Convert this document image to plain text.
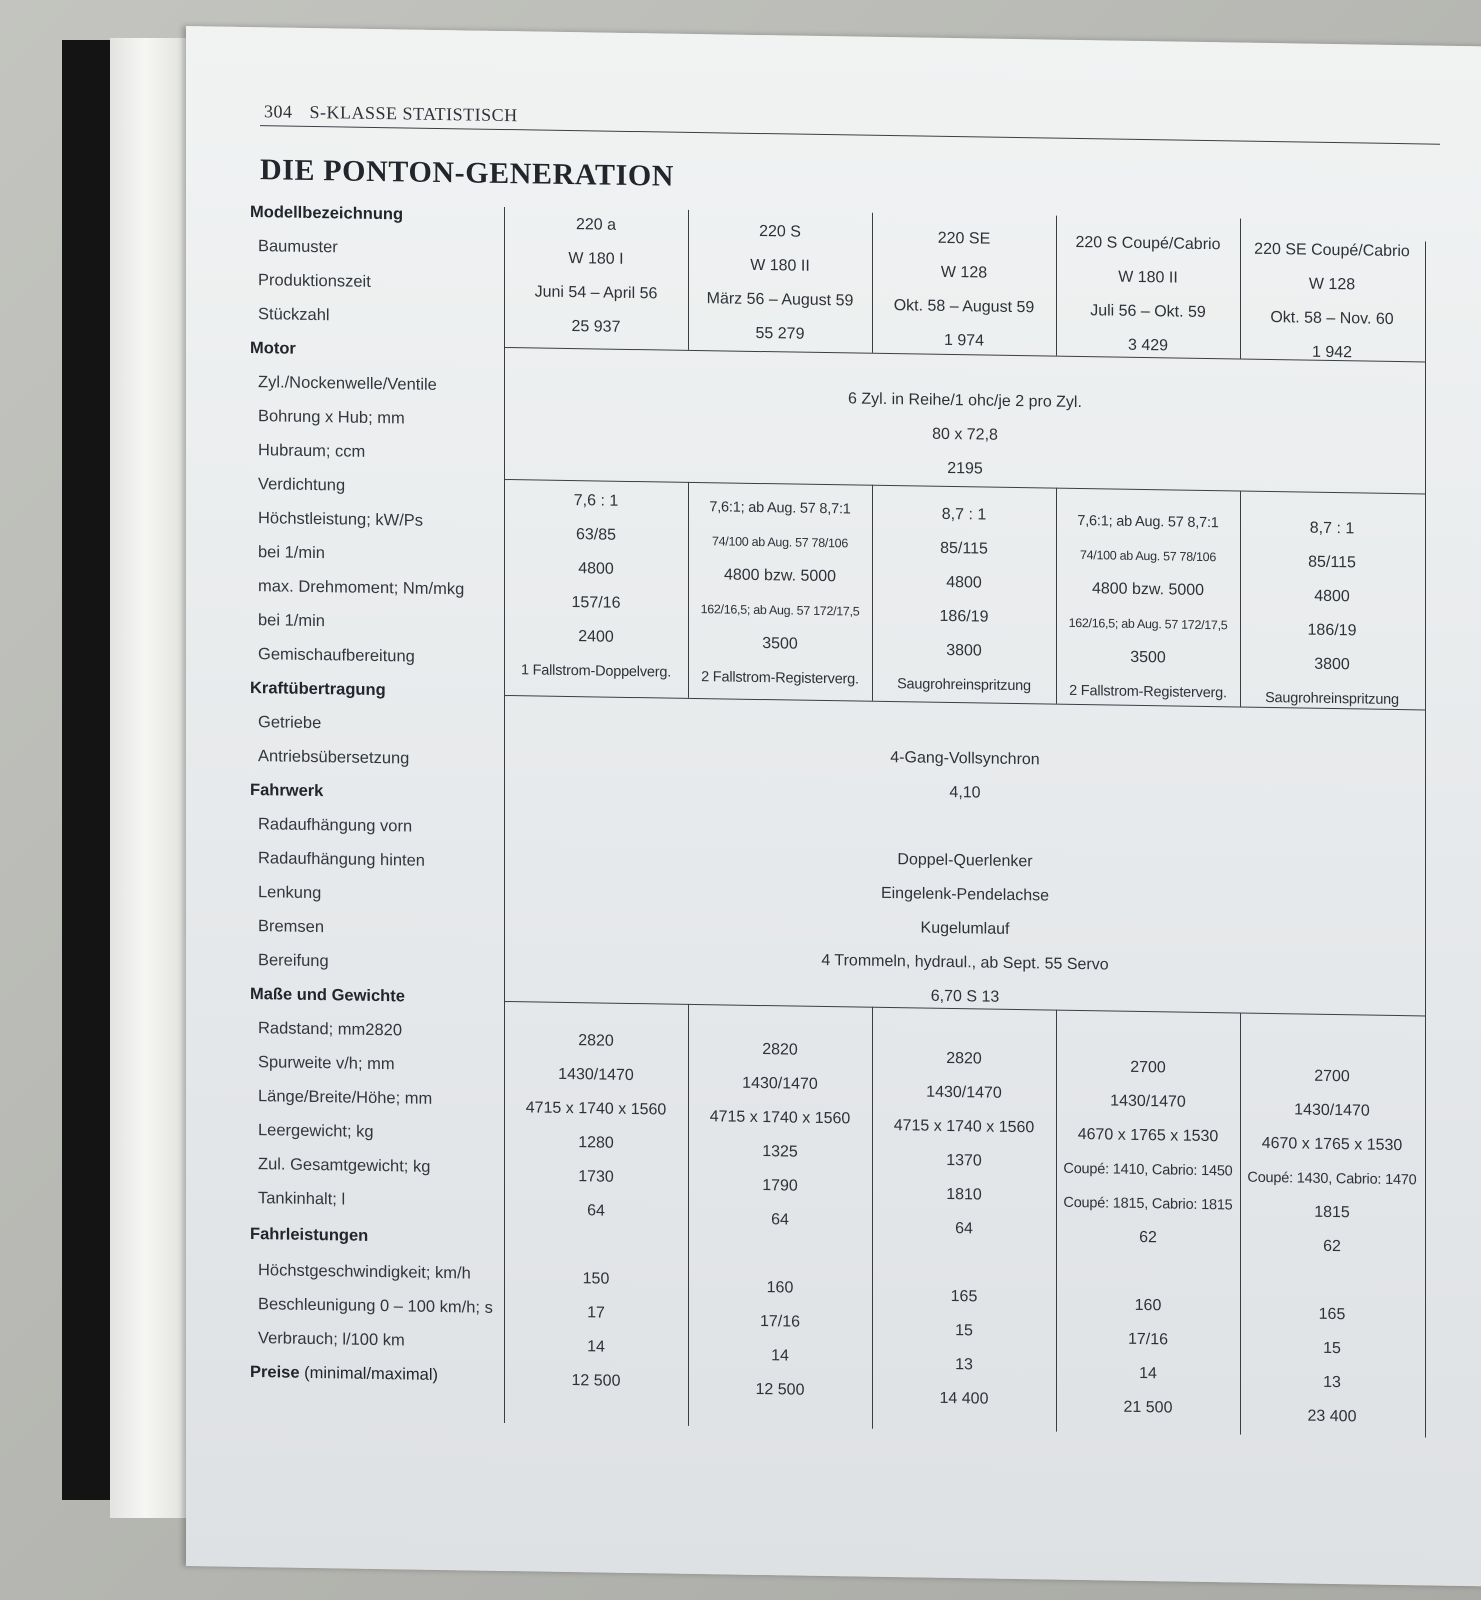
304 S-KLASSE STATISTISCH
DIE PONTON-GENERATION
Modellbezeichnung
Baumuster
Produktionszeit
Stückzahl
Motor
Zyl./Nockenwelle/Ventile
Bohrung x Hub; mm
Hubraum; ccm
Verdichtung
Höchstleistung; kW/Ps
bei 1/min
max. Drehmoment; Nm/mkg
bei 1/min
Gemischaufbereitung
Kraftübertragung
Getriebe
Antriebsübersetzung
Fahrwerk
Radaufhängung vorn
Radaufhängung hinten
Lenkung
Bremsen
Bereifung
Maße und Gewichte
Radstand; mm2820
Spurweite v/h; mm
Länge/Breite/Höhe; mm
Leergewicht; kg
Zul. Gesamtgewicht; kg
Tankinhalt; l
Fahrleistungen
Höchstgeschwindigkeit; km/h
Beschleunigung 0 – 100 km/h; s
Verbrauch; l/100 km
Preise (minimal/maximal)
220 a
W 180 I
Juni 54 – April 56
25 937
220 S
W 180 II
März 56 – August 59
55 279
220 SE
W 128
Okt. 58 – August 59
1 974
220 S Coupé/Cabrio
W 180 II
Juli 56 – Okt. 59
3 429
220 SE Coupé/Cabrio
W 128
Okt. 58 – Nov. 60
1 942
6 Zyl. in Reihe/1 ohc/je 2 pro Zyl.
80 x 72,8
2195
7,6 : 1
63/85
4800
157/16
2400
1 Fallstrom-Doppelverg.
7,6:1; ab Aug. 57 8,7:1
74/100 ab Aug. 57 78/106
4800 bzw. 5000
162/16,5; ab Aug. 57 172/17,5
3500
2 Fallstrom-Registerverg.
8,7 : 1
85/115
4800
186/19
3800
Saugrohreinspritzung
7,6:1; ab Aug. 57 8,7:1
74/100 ab Aug. 57 78/106
4800 bzw. 5000
162/16,5; ab Aug. 57 172/17,5
3500
2 Fallstrom-Registerverg.
8,7 : 1
85/115
4800
186/19
3800
Saugrohreinspritzung
4-Gang-Vollsynchron
4,10
Doppel-Querlenker
Eingelenk-Pendelachse
Kugelumlauf
4 Trommeln, hydraul., ab Sept. 55 Servo
6,70 S 13
2820
1430/1470
4715 x 1740 x 1560
1280
1730
64
150
17
14
12 500
2820
1430/1470
4715 x 1740 x 1560
1325
1790
64
160
17/16
14
12 500
2820
1430/1470
4715 x 1740 x 1560
1370
1810
64
165
15
13
14 400
2700
1430/1470
4670 x 1765 x 1530
Coupé: 1410, Cabrio: 1450
Coupé: 1815, Cabrio: 1815
62
160
17/16
14
21 500
2700
1430/1470
4670 x 1765 x 1530
Coupé: 1430, Cabrio: 1470
1815
62
165
15
13
23 400
